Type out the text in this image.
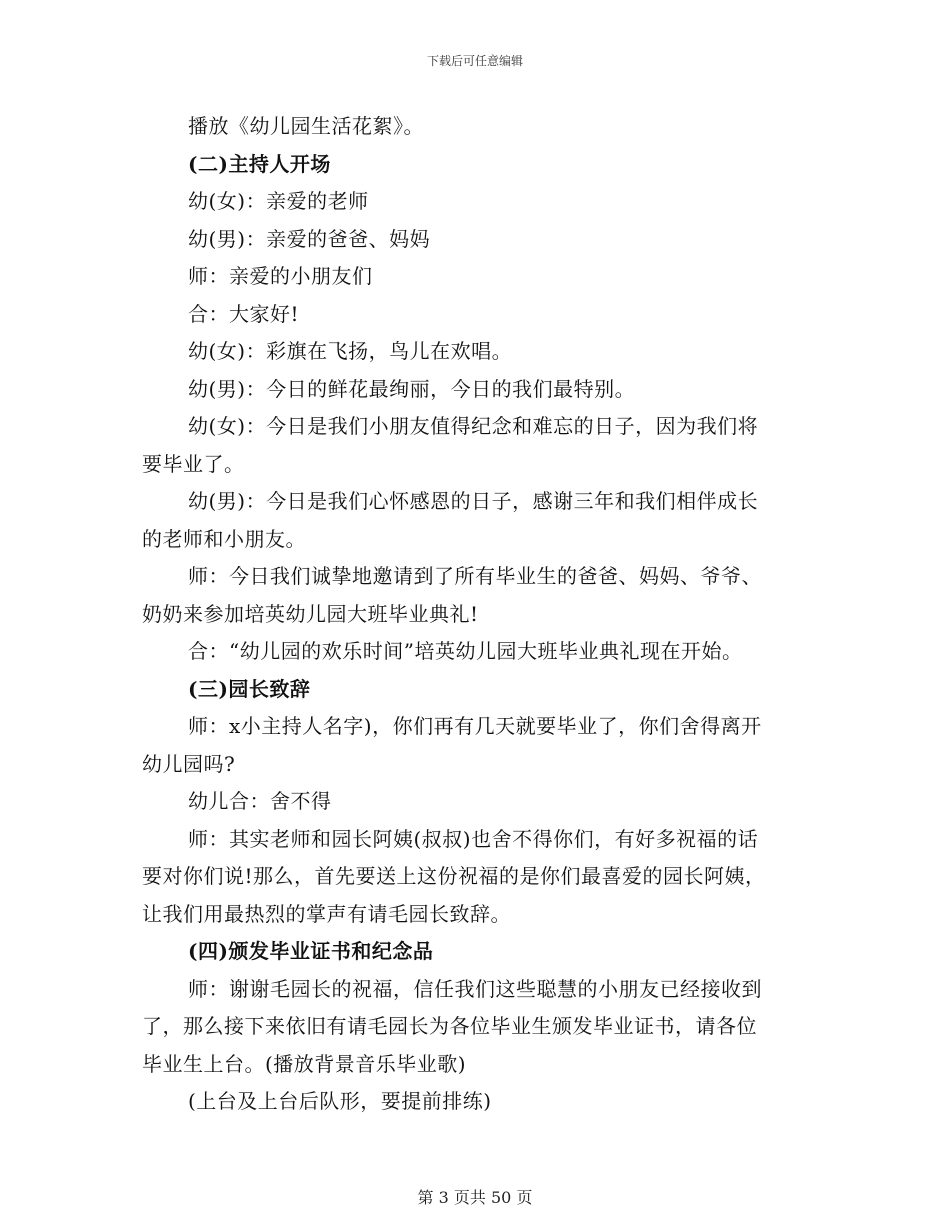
下载后可任意编辑
播放《幼儿园生活花絮》。
(二)主持人开场
幼(女)：亲爱的老师
幼(男)：亲爱的爸爸、妈妈
师：亲爱的小朋友们
合：大家好!
幼(女)：彩旗在飞扬，鸟儿在欢唱。
幼(男)：今日的鲜花最绚丽，今日的我们最特别。
幼(女)：今日是我们小朋友值得纪念和难忘的日子，因为我们将
要毕业了。
幼(男)：今日是我们心怀感恩的日子，感谢三年和我们相伴成长
的老师和小朋友。
师：今日我们诚挚地邀请到了所有毕业生的爸爸、妈妈、爷爷、
奶奶来参加培英幼儿园大班毕业典礼!
合：“幼儿园的欢乐时间”培英幼儿园大班毕业典礼现在开始。
(三)园长致辞
师：x小主持人名字)，你们再有几天就要毕业了，你们舍得离开
幼儿园吗?
幼儿合：舍不得
师：其实老师和园长阿姨(叔叔)也舍不得你们，有好多祝福的话
要对你们说!那么，首先要送上这份祝福的是你们最喜爱的园长阿姨，
让我们用最热烈的掌声有请毛园长致辞。
(四)颁发毕业证书和纪念品
师：谢谢毛园长的祝福，信任我们这些聪慧的小朋友已经接收到
了，那么接下来依旧有请毛园长为各位毕业生颁发毕业证书，请各位
毕业生上台。(播放背景音乐毕业歌)
(上台及上台后队形，要提前排练)
第 3 页共 50 页
